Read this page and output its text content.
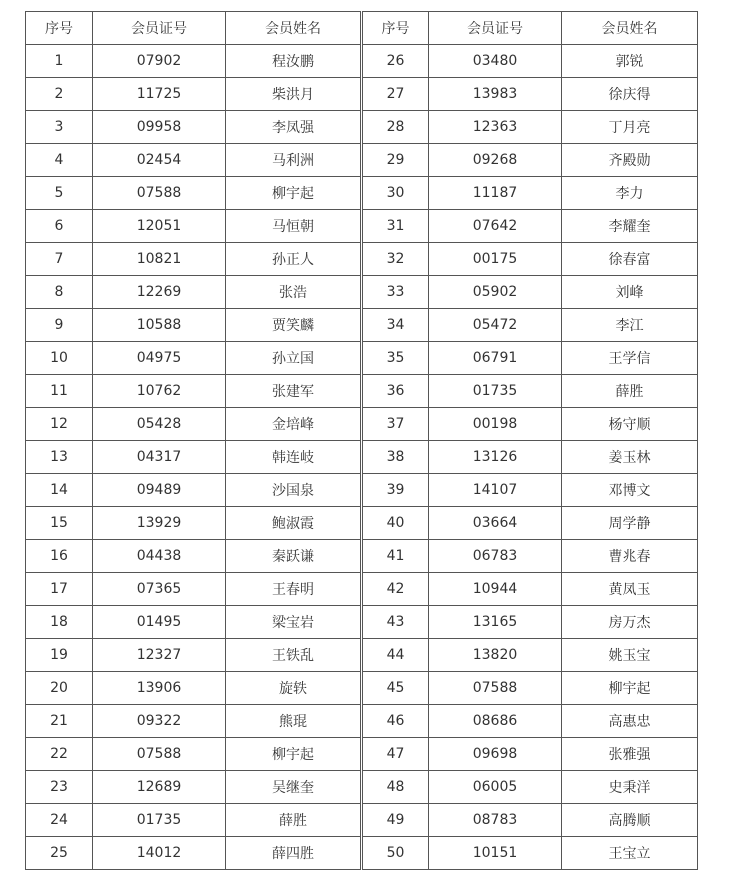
序号	会员证号	会员姓名	序号	会员证号	会员姓名
1	07902	程汝鹏	26	03480	郭锐
2	11725	柴洪月	27	13983	徐庆得
3	09958	李凤强	28	12363	丁月亮
4	02454	马利洲	29	09268	齐殿勋
5	07588	柳宇起	30	11187	李力
6	12051	马恒朝	31	07642	李耀奎
7	10821	孙正人	32	00175	徐春富
8	12269	张浩	33	05902	刘峰
9	10588	贾笑麟	34	05472	李江
10	04975	孙立国	35	06791	王学信
11	10762	张建军	36	01735	薛胜
12	05428	金培峰	37	00198	杨守顺
13	04317	韩连岐	38	13126	姜玉林
14	09489	沙国泉	39	14107	邓博文
15	13929	鲍淑霞	40	03664	周学静
16	04438	秦跃谦	41	06783	曹兆春
17	07365	王春明	42	10944	黄凤玉
18	01495	梁宝岩	43	13165	房万杰
19	12327	王铁乱	44	13820	姚玉宝
20	13906	旋轶	45	07588	柳宇起
21	09322	熊琨	46	08686	高惠忠
22	07588	柳宇起	47	09698	张雅强
23	12689	吴继奎	48	06005	史秉洋
24	01735	薛胜	49	08783	高腾顺
25	14012	薛四胜	50	10151	王宝立
